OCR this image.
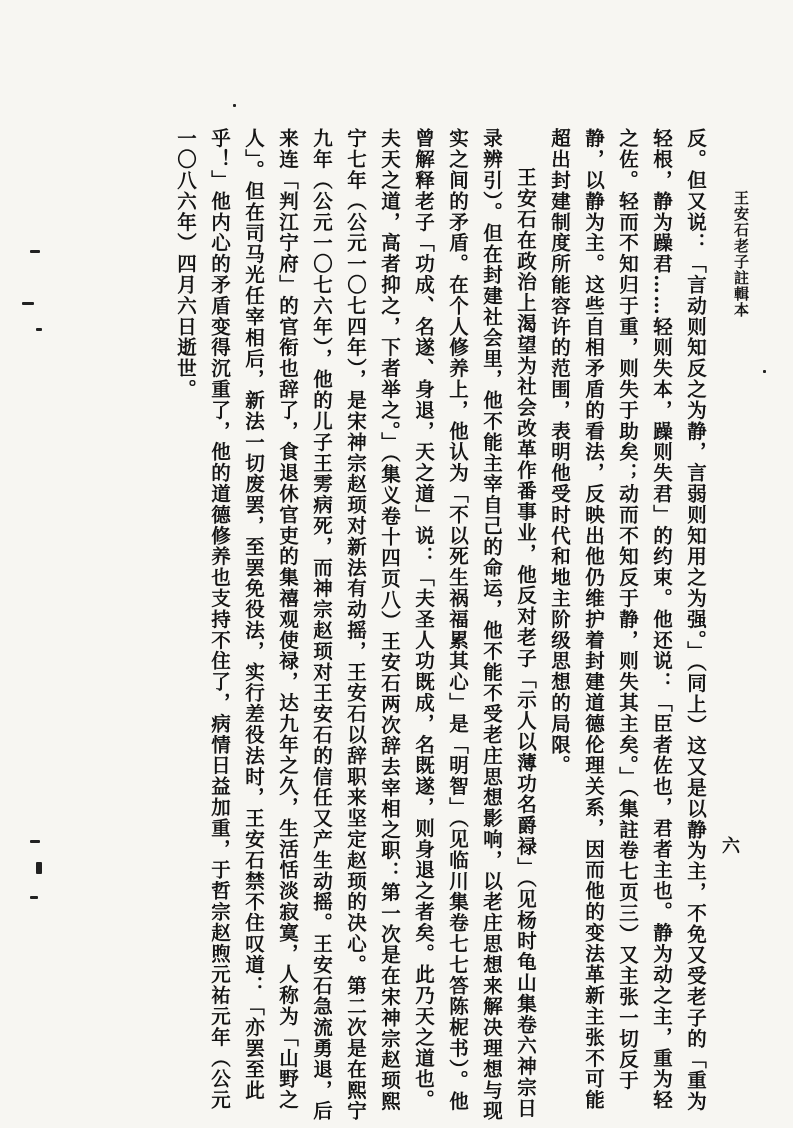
王安石老子註輯本
六

反。但又说：「言动则知反之为静，言弱则知用之为强。」（同上）这又是以静为主，不免又受老子的「重为轻根，静为躁君……轻则失本，躁则失君」的约束。他还说：「臣者佐也，君者主也。静为动之主，重为轻之佐。轻而不知归于重，则失于助矣；动而不知反于静，则失其主矣。」（集註卷七页三）又主张一切反于静，以静为主。这些自相矛盾的看法，反映出他仍维护着封建道德伦理关系，因而他的变法革新主张不可能超出封建制度所能容许的范围，表明他受时代和地主阶级思想的局限。

王安石在政治上渴望为社会改革作番事业，他反对老子「示人以薄功名爵禄」（见杨时龟山集卷六神宗日录辨引）。但在封建社会里，他不能主宰自己的命运，他不能不受老庄思想影响，以老庄思想来解决理想与现实之间的矛盾。在个人修养上，他认为「不以死生祸福累其心」是「明智」（见临川集卷七七答陈柅书）。他曾解释老子「功成、名遂、身退，天之道」说：「夫圣人功既成，名既遂，则身退之者矣。此乃天之道也。夫天之道，高者抑之，下者举之。」（集义卷十四页八）王安石两次辞去宰相之职：第一次是在宋神宗赵顼熙宁七年（公元一〇七四年），是宋神宗赵顼对新法有动摇，王安石以辞职来坚定赵顼的决心。第二次是在熙宁九年（公元一〇七六年），他的儿子王雱病死，而神宗赵顼对王安石的信任又产生动摇。王安石急流勇退，后来连「判江宁府」的官衔也辞了，食退休官吏的集禧观使禄，达九年之久，生活恬淡寂寞，人称为「山野之人」。但在司马光任宰相后，新法一切废罢，至罢免役法，实行差役法时，王安石禁不住叹道：「亦罢至此乎！」他内心的矛盾变得沉重了，他的道德修养也支持不住了，病情日益加重，于哲宗赵煦元祐元年（公元一〇八六年）四月六日逝世。
